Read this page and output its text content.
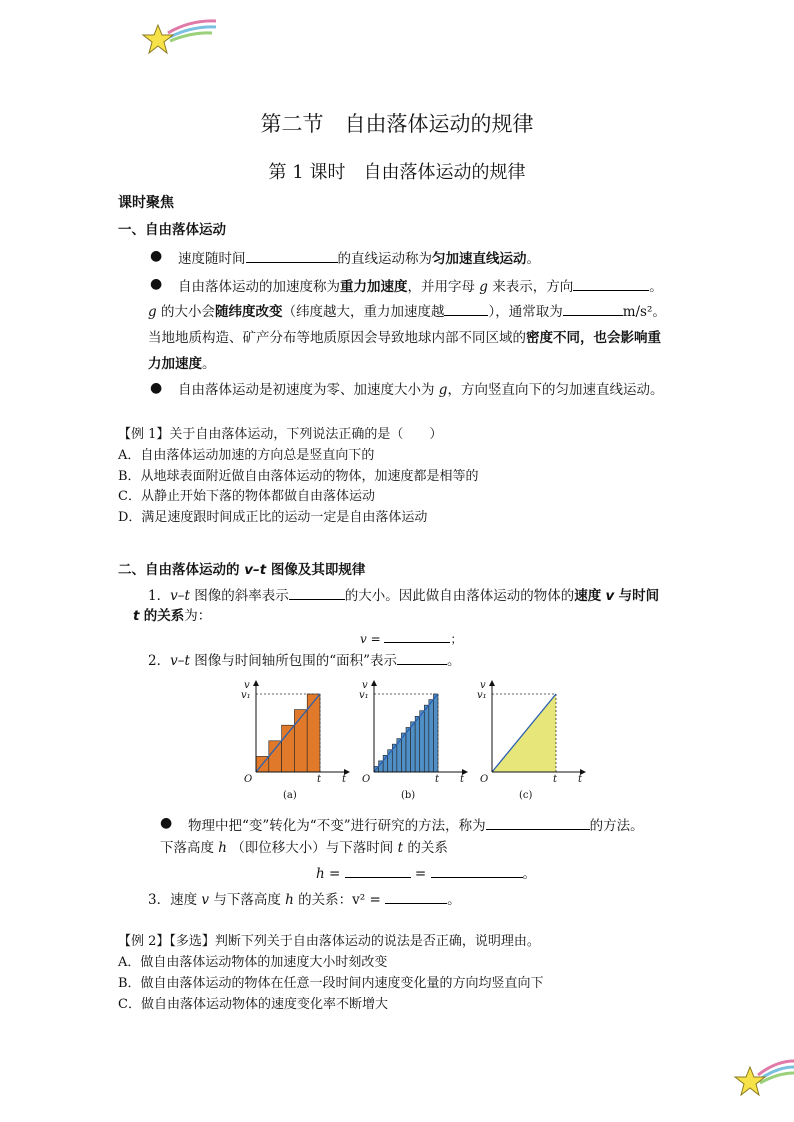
第二节　自由落体运动的规律
第 1 课时　自由落体运动的规律
课时聚焦
一、自由落体运动
● 速度随时间	的直线运动称为匀加速直线运动。
● 自由落体运动的加速度称为重力加速度，并用字母 g 来表示，方向	。
g 的大小会随纬度改变（纬度越大，重力加速度越	），通常取为	m/s²。
当地地质构造、矿产分布等地质原因会导致地球内部不同区域的密度不同，也会影响重
力加速度。
● 自由落体运动是初速度为零、加速度大小为 g，方向竖直向下的匀加速直线运动。
【例 1】关于自由落体运动，下列说法正确的是（　　）
A．自由落体运动加速的方向总是竖直向下的
B．从地球表面附近做自由落体运动的物体，加速度都是相等的
C．从静止开始下落的物体都做自由落体运动
D．满足速度跟时间成正比的运动一定是自由落体运动
二、自由落体运动的 v–t 图像及其即规律
1．v–t 图像的斜率表示	的大小。因此做自由落体运动的物体的速度 v 与时间
t 的关系为：
v =	；
2．v–t 图像与时间轴所包围的“面积”表示	。
v
v₁
O	t t
(a)
v
v₁
O	t t
(b)
v
v₁
O	t t
(c)
● 物理中把“变”转化为“不变”进行研究的方法，称为	的方法。
下落高度 h （即位移大小）与下落时间 t 的关系
h =	=	。
3．速度 v 与下落高度 h 的关系：v² =	。
【例 2】【多选】判断下列关于自由落体运动的说法是否正确，说明理由。
A．做自由落体运动物体的加速度大小时刻改变
B．做自由落体运动的物体在任意一段时间内速度变化量的方向均竖直向下
C．做自由落体运动物体的速度变化率不断增大
